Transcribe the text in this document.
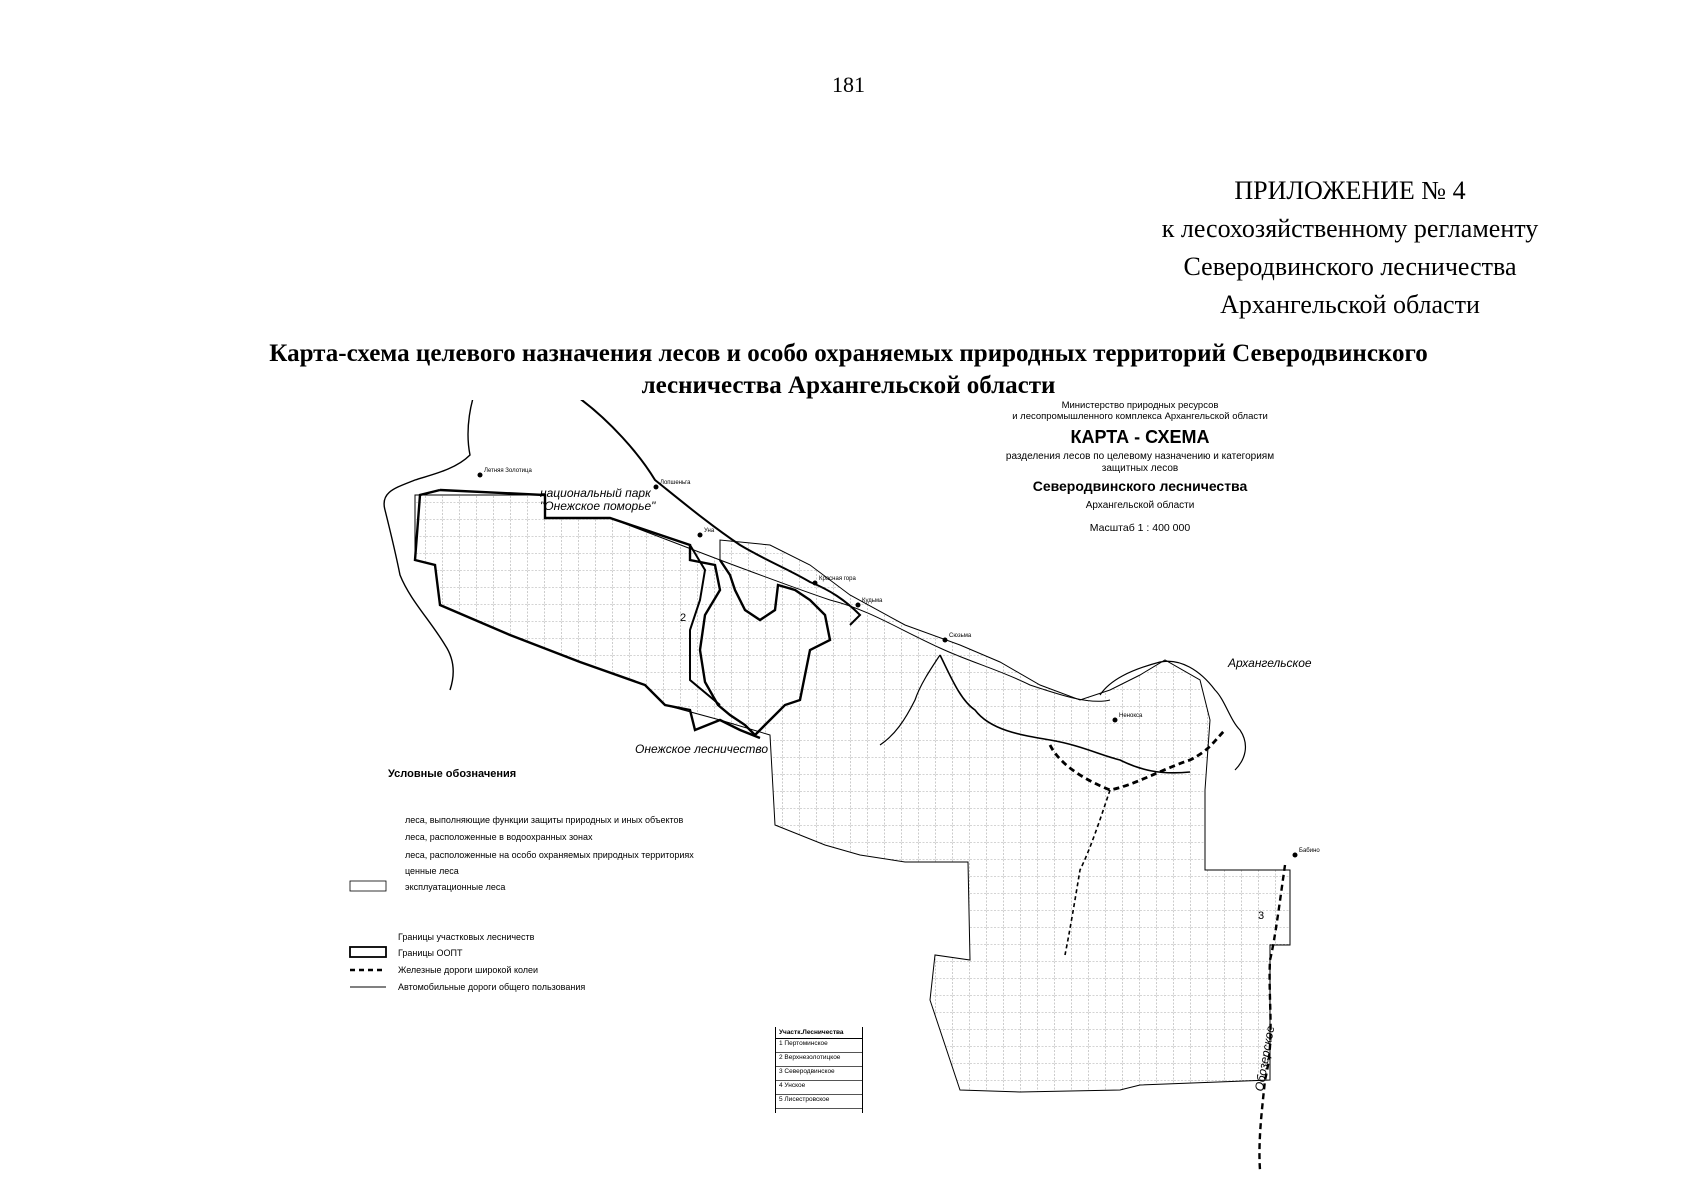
181
ПРИЛОЖЕНИЕ № 4
к лесохозяйственному регламенту
Северодвинского лесничества
Архангельской области
Карта-схема целевого назначения лесов и особо охраняемых природных территорий Северодвинского
лесничества Архангельской области
Министерство природных ресурсов
и лесопромышленного комплекса Архангельской области
КАРТА - СХЕМА
разделения лесов по целевому назначению и категориям
защитных лесов
Северодвинского лесничества
Архангельской области
Масштаб 1 : 400 000
национальный парк
"Онежское поморье"
Онежское лесничество
Архангельское
Обозерское
2
3
Летняя Золотица
Лопшеньга
Уна
Красная гора
Кудьма
Сюзьма
Ненокса
Бабино
Условные обозначения
леса, выполняющие функции защиты природных и иных объектов
леса, расположенные в водоохранных зонах
леса, расположенные на особо охраняемых природных территориях
ценные леса
эксплуатационные леса
Границы участковых лесничеств
Границы ООПТ
Железные дороги широкой колеи
Автомобильные дороги общего пользования
Участк.Лесничества
1 Пертоминское
2 Верхнезолотицкое
3 Северодвинское
4 Унское
5 Лисестровское
